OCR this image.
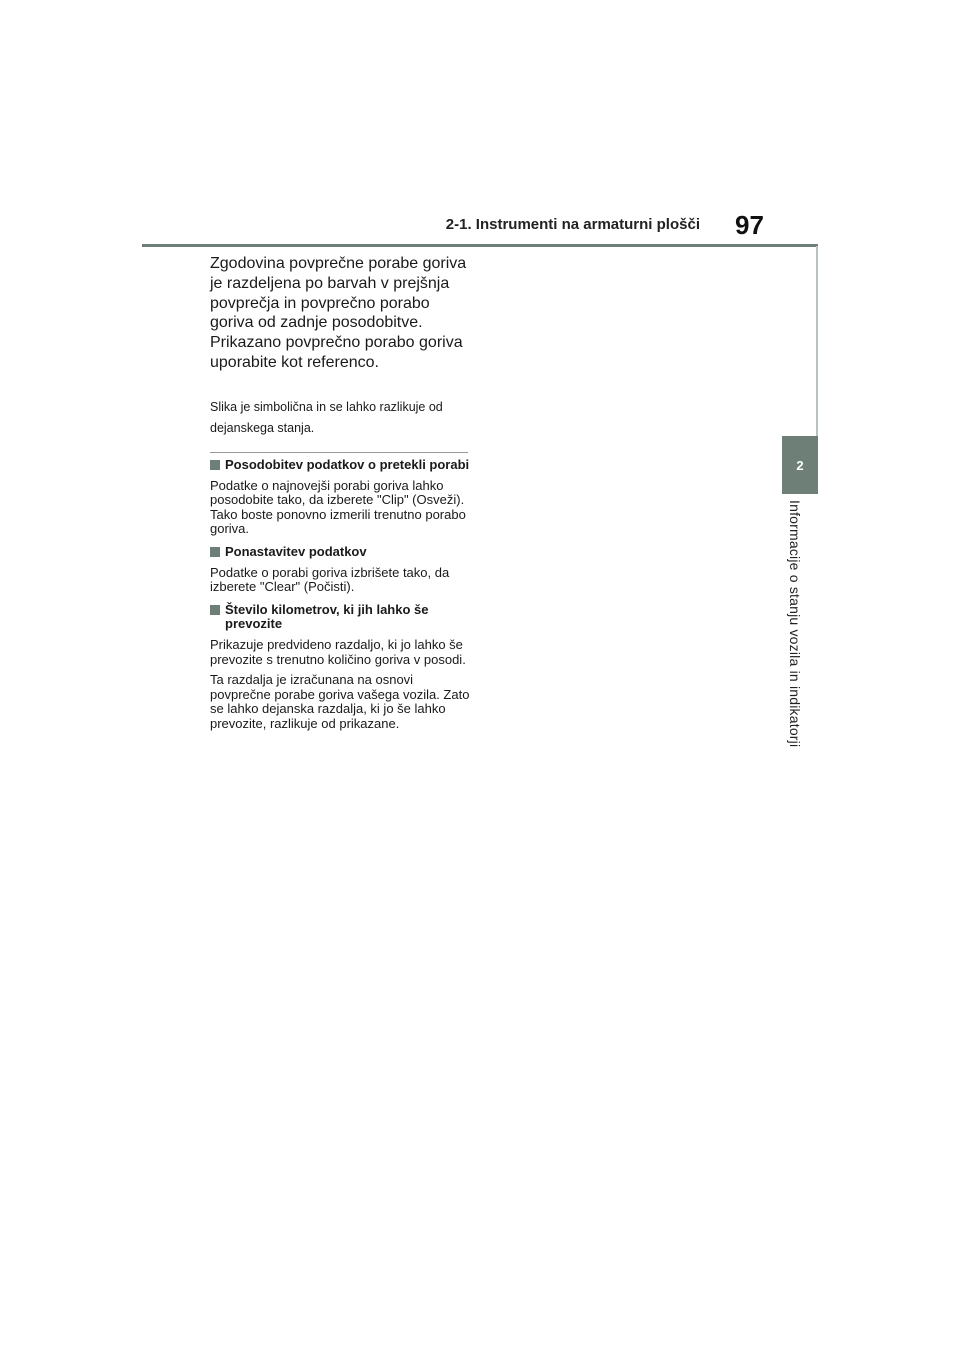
2-1. Instrumenti na armaturni plošči 97
2
Informacije o stanju vozila in indikatorji

Zgodovina povprečne porabe goriva je razdeljena po barvah v prejšnja povprečja in povprečno porabo goriva od zadnje posodobitve. Prikazano povprečno porabo goriva uporabite kot referenco.

Slika je simbolična in se lahko razlikuje od dejanskega stanja.

Posodobitev podatkov o pretekli porabi

Podatke o najnovejši porabi goriva lahko posodobite tako, da izberete "Clip" (Osveži). Tako boste ponovno izmerili trenutno porabo goriva.

Ponastavitev podatkov

Podatke o porabi goriva izbrišete tako, da izberete "Clear" (Počisti).

Število kilometrov, ki jih lahko še prevozite

Prikazuje predvideno razdaljo, ki jo lahko še prevozite s trenutno količino goriva v posodi.

Ta razdalja je izračunana na osnovi povprečne porabe goriva vašega vozila. Zato se lahko dejanska razdalja, ki jo še lahko prevozite, razlikuje od prikazane.
